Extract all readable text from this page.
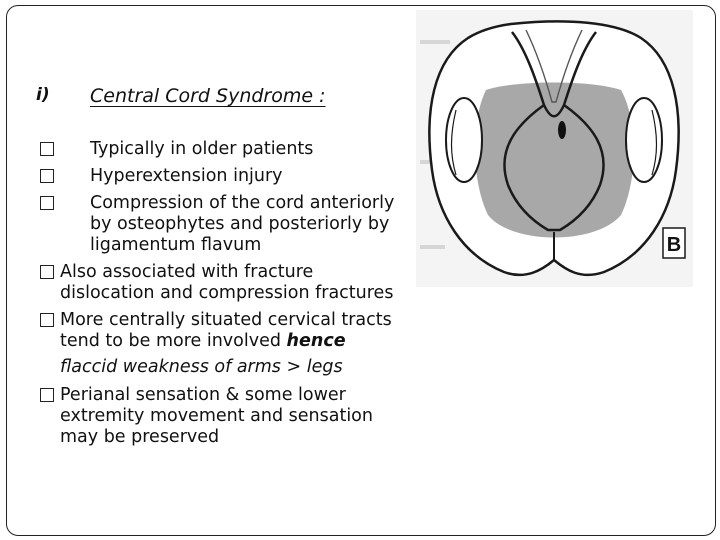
i) Central Cord Syndrome :
Typically in older patients
Hyperextension injury
Compression of the cord anteriorly
by osteophytes and posteriorly by
ligamentum flavum
Also associated with fracture
dislocation and compression fractures
More centrally situated cervical tracts
tend to be more involved hence
flaccid weakness of arms > legs
Perianal sensation & some lower
extremity movement and sensation
may be preserved
B
